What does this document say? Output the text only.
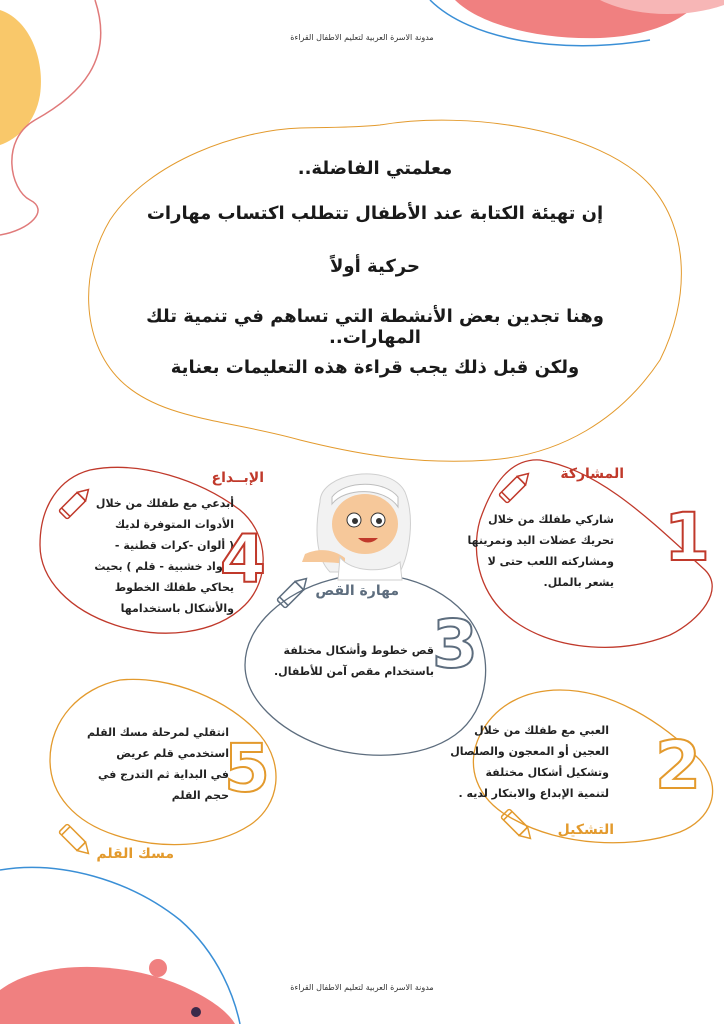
مدونة الاسرة العربية لتعليم الاطفال القراءة
معلمتي الفاضلة..
إن تهيئة الكتابة عند الأطفال تتطلب اكتساب مهارات
حركية أولاً
وهنا تجدين بعض الأنشطة التي تساهم في تنمية تلك المهارات..
ولكن قبل ذلك يجب قراءة هذه التعليمات بعناية
المشاركة
شاركي طفلك من خلال
تحريك عضلات اليد وتمرينها
ومشاركته اللعب حتى لا
يشعر بالملل.
1
الإبــداع
أبدعي مع طفلك من خلال
الأدوات المتوفرة لديك
( ألوان -كرات قطنية -
أعواد خشبية - قلم ) بحيث
يحاكي طفلك الخطوط
والأشكال باستخدامها
4	مهارة القص
قص خطوط وأشكال مختلفة
باستخدام مقص آمن للأطفال.
3
التشكيل
العبي مع طفلك من خلال
العجين أو المعجون والصلصال
وتشكيل أشكال مختلفة
لتنمية الإبداع والابتكار لديه . 2
مسك القلم
انتقلي لمرحلة مسك القلم
استخدمي قلم عريض
في البداية ثم التدرج في
حجم القلم
5
مدونة الاسرة العربية لتعليم الاطفال القراءة
